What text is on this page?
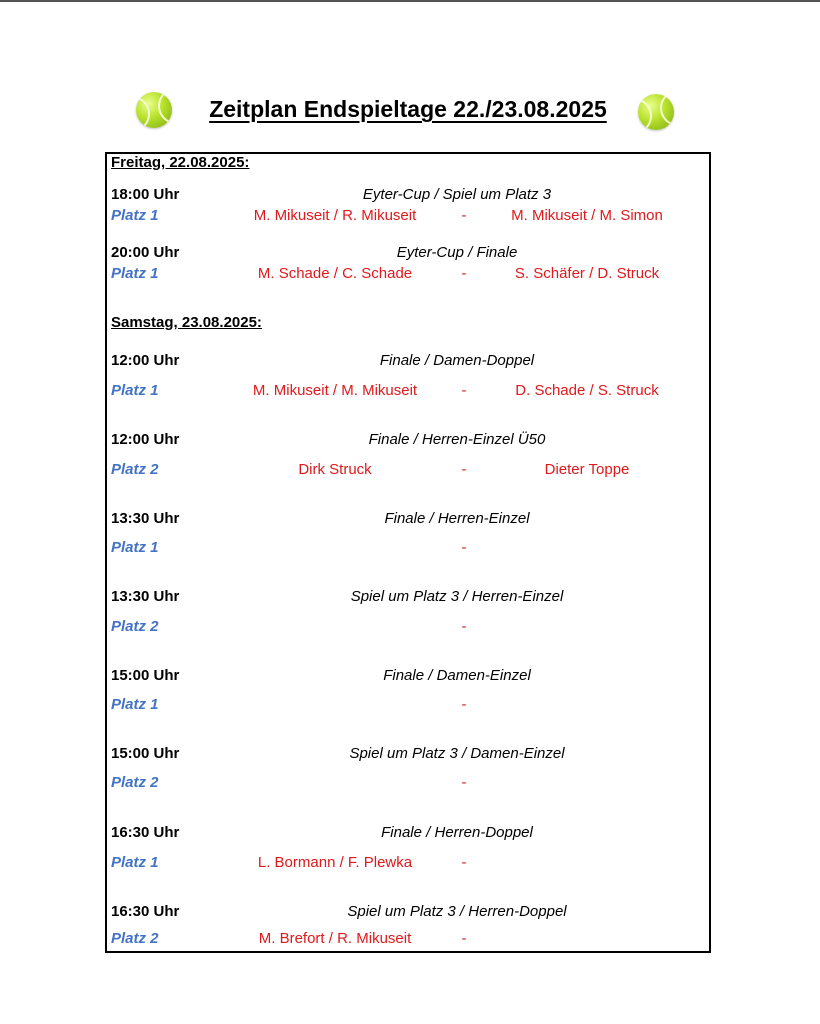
Zeitplan Endspieltage 22./23.08.2025
Freitag, 22.08.2025:
18:00 Uhr	Eyter-Cup / Spiel um Platz 3
Platz 1	M. Mikuseit / R. Mikuseit	-	M. Mikuseit / M. Simon
20:00 Uhr	Eyter-Cup / Finale
Platz 1	M. Schade / C. Schade	-	S. Schäfer / D. Struck
Samstag, 23.08.2025:
12:00 Uhr	Finale / Damen-Doppel
Platz 1	M. Mikuseit / M. Mikuseit	-	D. Schade / S. Struck
12:00 Uhr	Finale / Herren-Einzel Ü50
Platz 2	Dirk Struck	-	Dieter Toppe
13:30 Uhr	Finale / Herren-Einzel
Platz 1	-
13:30 Uhr	Spiel um Platz 3 / Herren-Einzel
Platz 2	-
15:00 Uhr	Finale / Damen-Einzel
Platz 1	-
15:00 Uhr	Spiel um Platz 3 / Damen-Einzel
Platz 2	-
16:30 Uhr	Finale / Herren-Doppel
Platz 1	L. Bormann / F. Plewka	-
16:30 Uhr	Spiel um Platz 3 / Herren-Doppel
Platz 2	M. Brefort / R. Mikuseit	-
